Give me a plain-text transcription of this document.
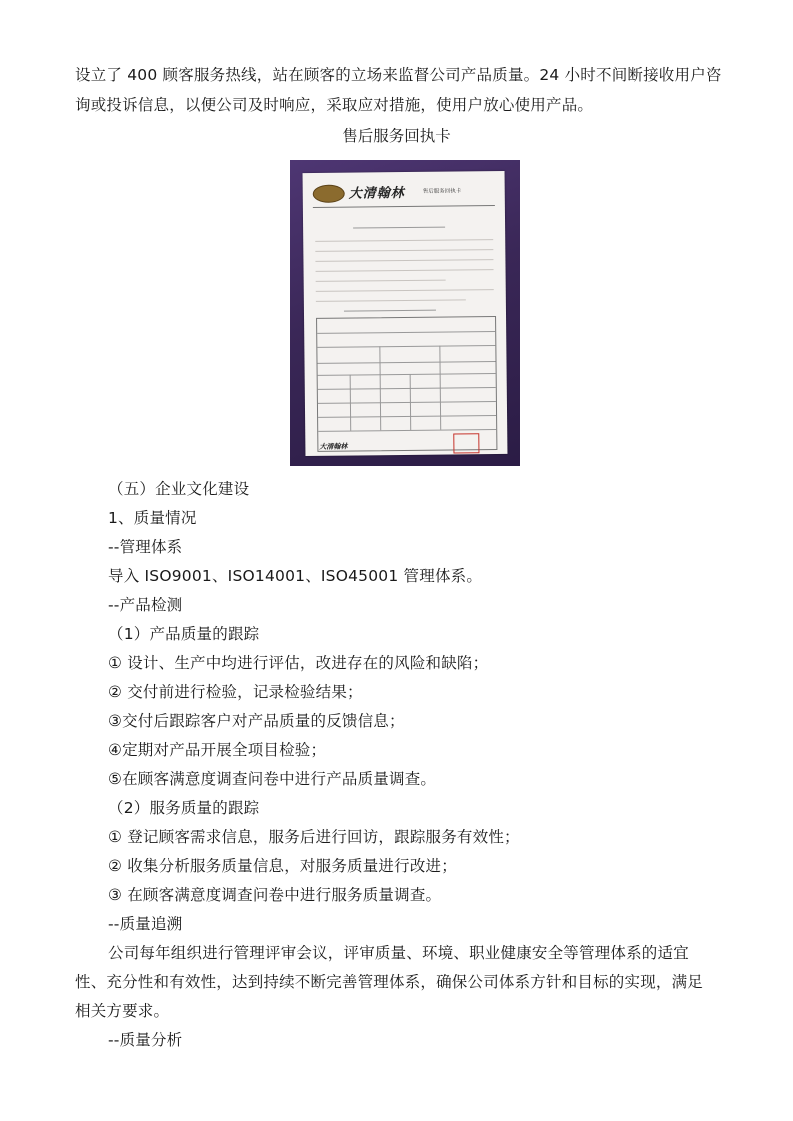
设立了 400 顾客服务热线，站在顾客的立场来监督公司产品质量。24 小时不间断接收用户咨
询或投诉信息，以便公司及时响应，采取应对措施，使用户放心使用产品。
售后服务回执卡
大清翰林	售后服务回执卡
大清翰林
（五）企业文化建设
1、质量情况
--管理体系
导入 ISO9001、ISO14001、ISO45001 管理体系。
--产品检测
（1）产品质量的跟踪
① 设计、生产中均进行评估，改进存在的风险和缺陷；
② 交付前进行检验，记录检验结果；
③交付后跟踪客户对产品质量的反馈信息；
④定期对产品开展全项目检验；
⑤在顾客满意度调查问卷中进行产品质量调查。
（2）服务质量的跟踪
① 登记顾客需求信息，服务后进行回访，跟踪服务有效性；
② 收集分析服务质量信息，对服务质量进行改进；
③ 在顾客满意度调查问卷中进行服务质量调查。
--质量追溯
公司每年组织进行管理评审会议，评审质量、环境、职业健康安全等管理体系的适宜
性、充分性和有效性，达到持续不断完善管理体系，确保公司体系方针和目标的实现，满足
相关方要求。
--质量分析
